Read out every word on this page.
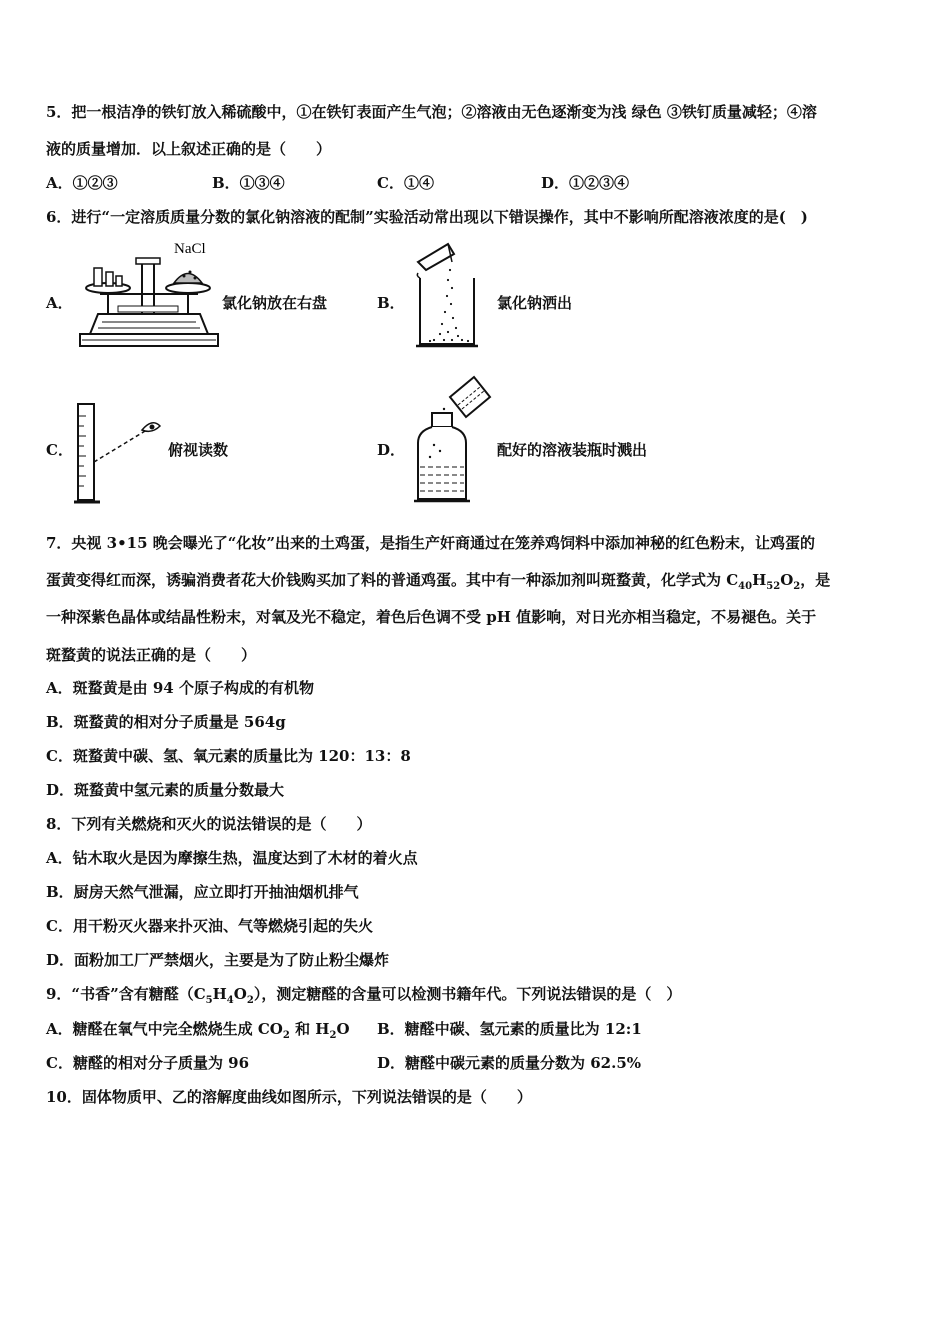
5．把一根洁净的铁钉放入稀硫酸中，①在铁钉表面产生气泡；②溶液由无色逐渐变为浅 绿色 ③铁钉质量减轻；④溶
液的质量增加．以上叙述正确的是（　　）
A．①②③	B．①③④	C．①④	D．①②③④
6．进行“一定溶质质量分数的氯化钠溶液的配制”实验活动常出现以下错误操作，其中不影响所配溶液浓度的是(　)
A．
NaCl
氯化钠放在右盘	B．	氯化钠洒出
C．	俯视读数	D．	配好的溶液装瓶时溅出
7．央视 3•15 晚会曝光了“化妆”出来的土鸡蛋，是指生产奸商通过在笼养鸡饲料中添加神秘的红色粉末，让鸡蛋的
蛋黄变得红而深，诱骗消费者花大价钱购买加了料的普通鸡蛋。其中有一种添加剂叫斑蝥黄，化学式为 $C_{40}H_{52}O_2$，是
一种深紫色晶体或结晶性粉末，对氧及光不稳定，着色后色调不受 pH 值影响，对日光亦相当稳定，不易褪色。关于
斑蝥黄的说法正确的是（　　）
A．斑蝥黄是由 94 个原子构成的有机物
B．斑蝥黄的相对分子质量是 564g
C．斑蝥黄中碳、氢、氧元素的质量比为 120：13：8
D．斑蝥黄中氢元素的质量分数最大
8．下列有关燃烧和灭火的说法错误的是（　　）
A．钻木取火是因为摩擦生热，温度达到了木材的着火点
B．厨房天然气泄漏，应立即打开抽油烟机排气
C．用干粉灭火器来扑灭油、气等燃烧引起的失火
D．面粉加工厂严禁烟火，主要是为了防止粉尘爆炸
9．“书香”含有糖醛$(C_5H_4O_2)$，测定糖醛的含量可以检测书籍年代。下列说法错误的是（　）
A．糖醛在氧气中完全燃烧生成 $CO_2$ 和 $H_2O$ B．糖醛中碳、氢元素的质量比为 12:1
C．糖醛的相对分子质量为 96	D．糖醛中碳元素的质量分数为 62.5%
10．固体物质甲、乙的溶解度曲线如图所示，下列说法错误的是（　　）
